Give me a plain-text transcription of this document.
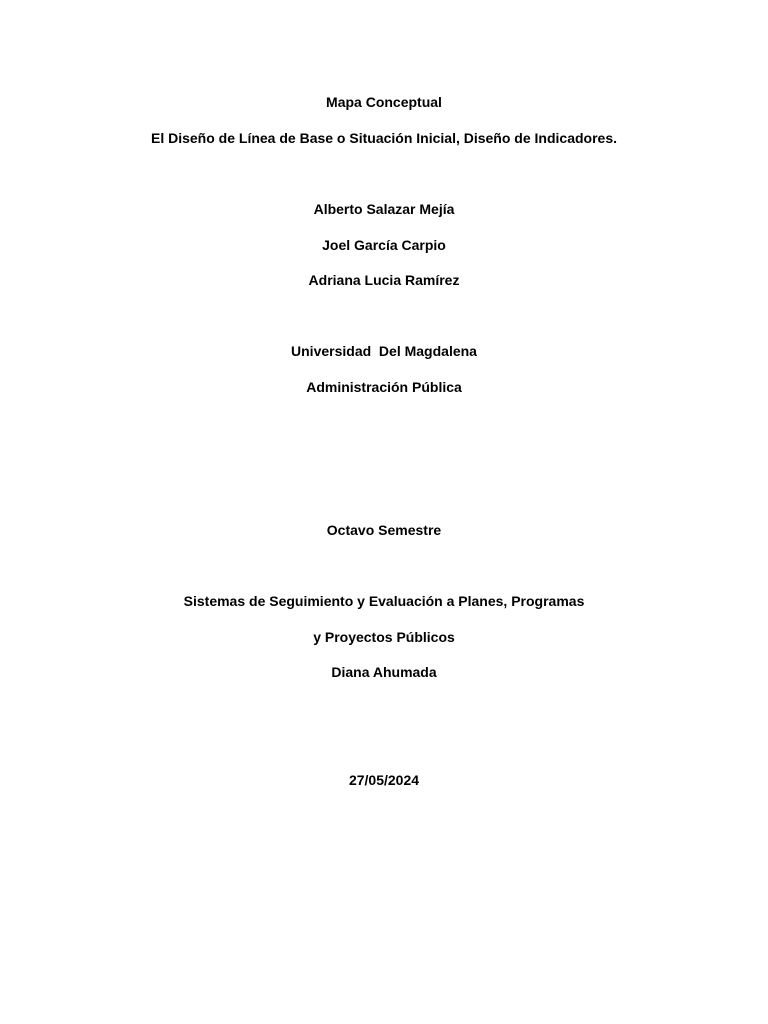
Mapa Conceptual
El Diseño de Línea de Base o Situación Inicial, Diseño de Indicadores.
Alberto Salazar Mejía
Joel García Carpio
Adriana Lucia Ramírez
Universidad  Del Magdalena
Administración Pública
Octavo Semestre
Sistemas de Seguimiento y Evaluación a Planes, Programas
y Proyectos Públicos
Diana Ahumada
27/05/2024
